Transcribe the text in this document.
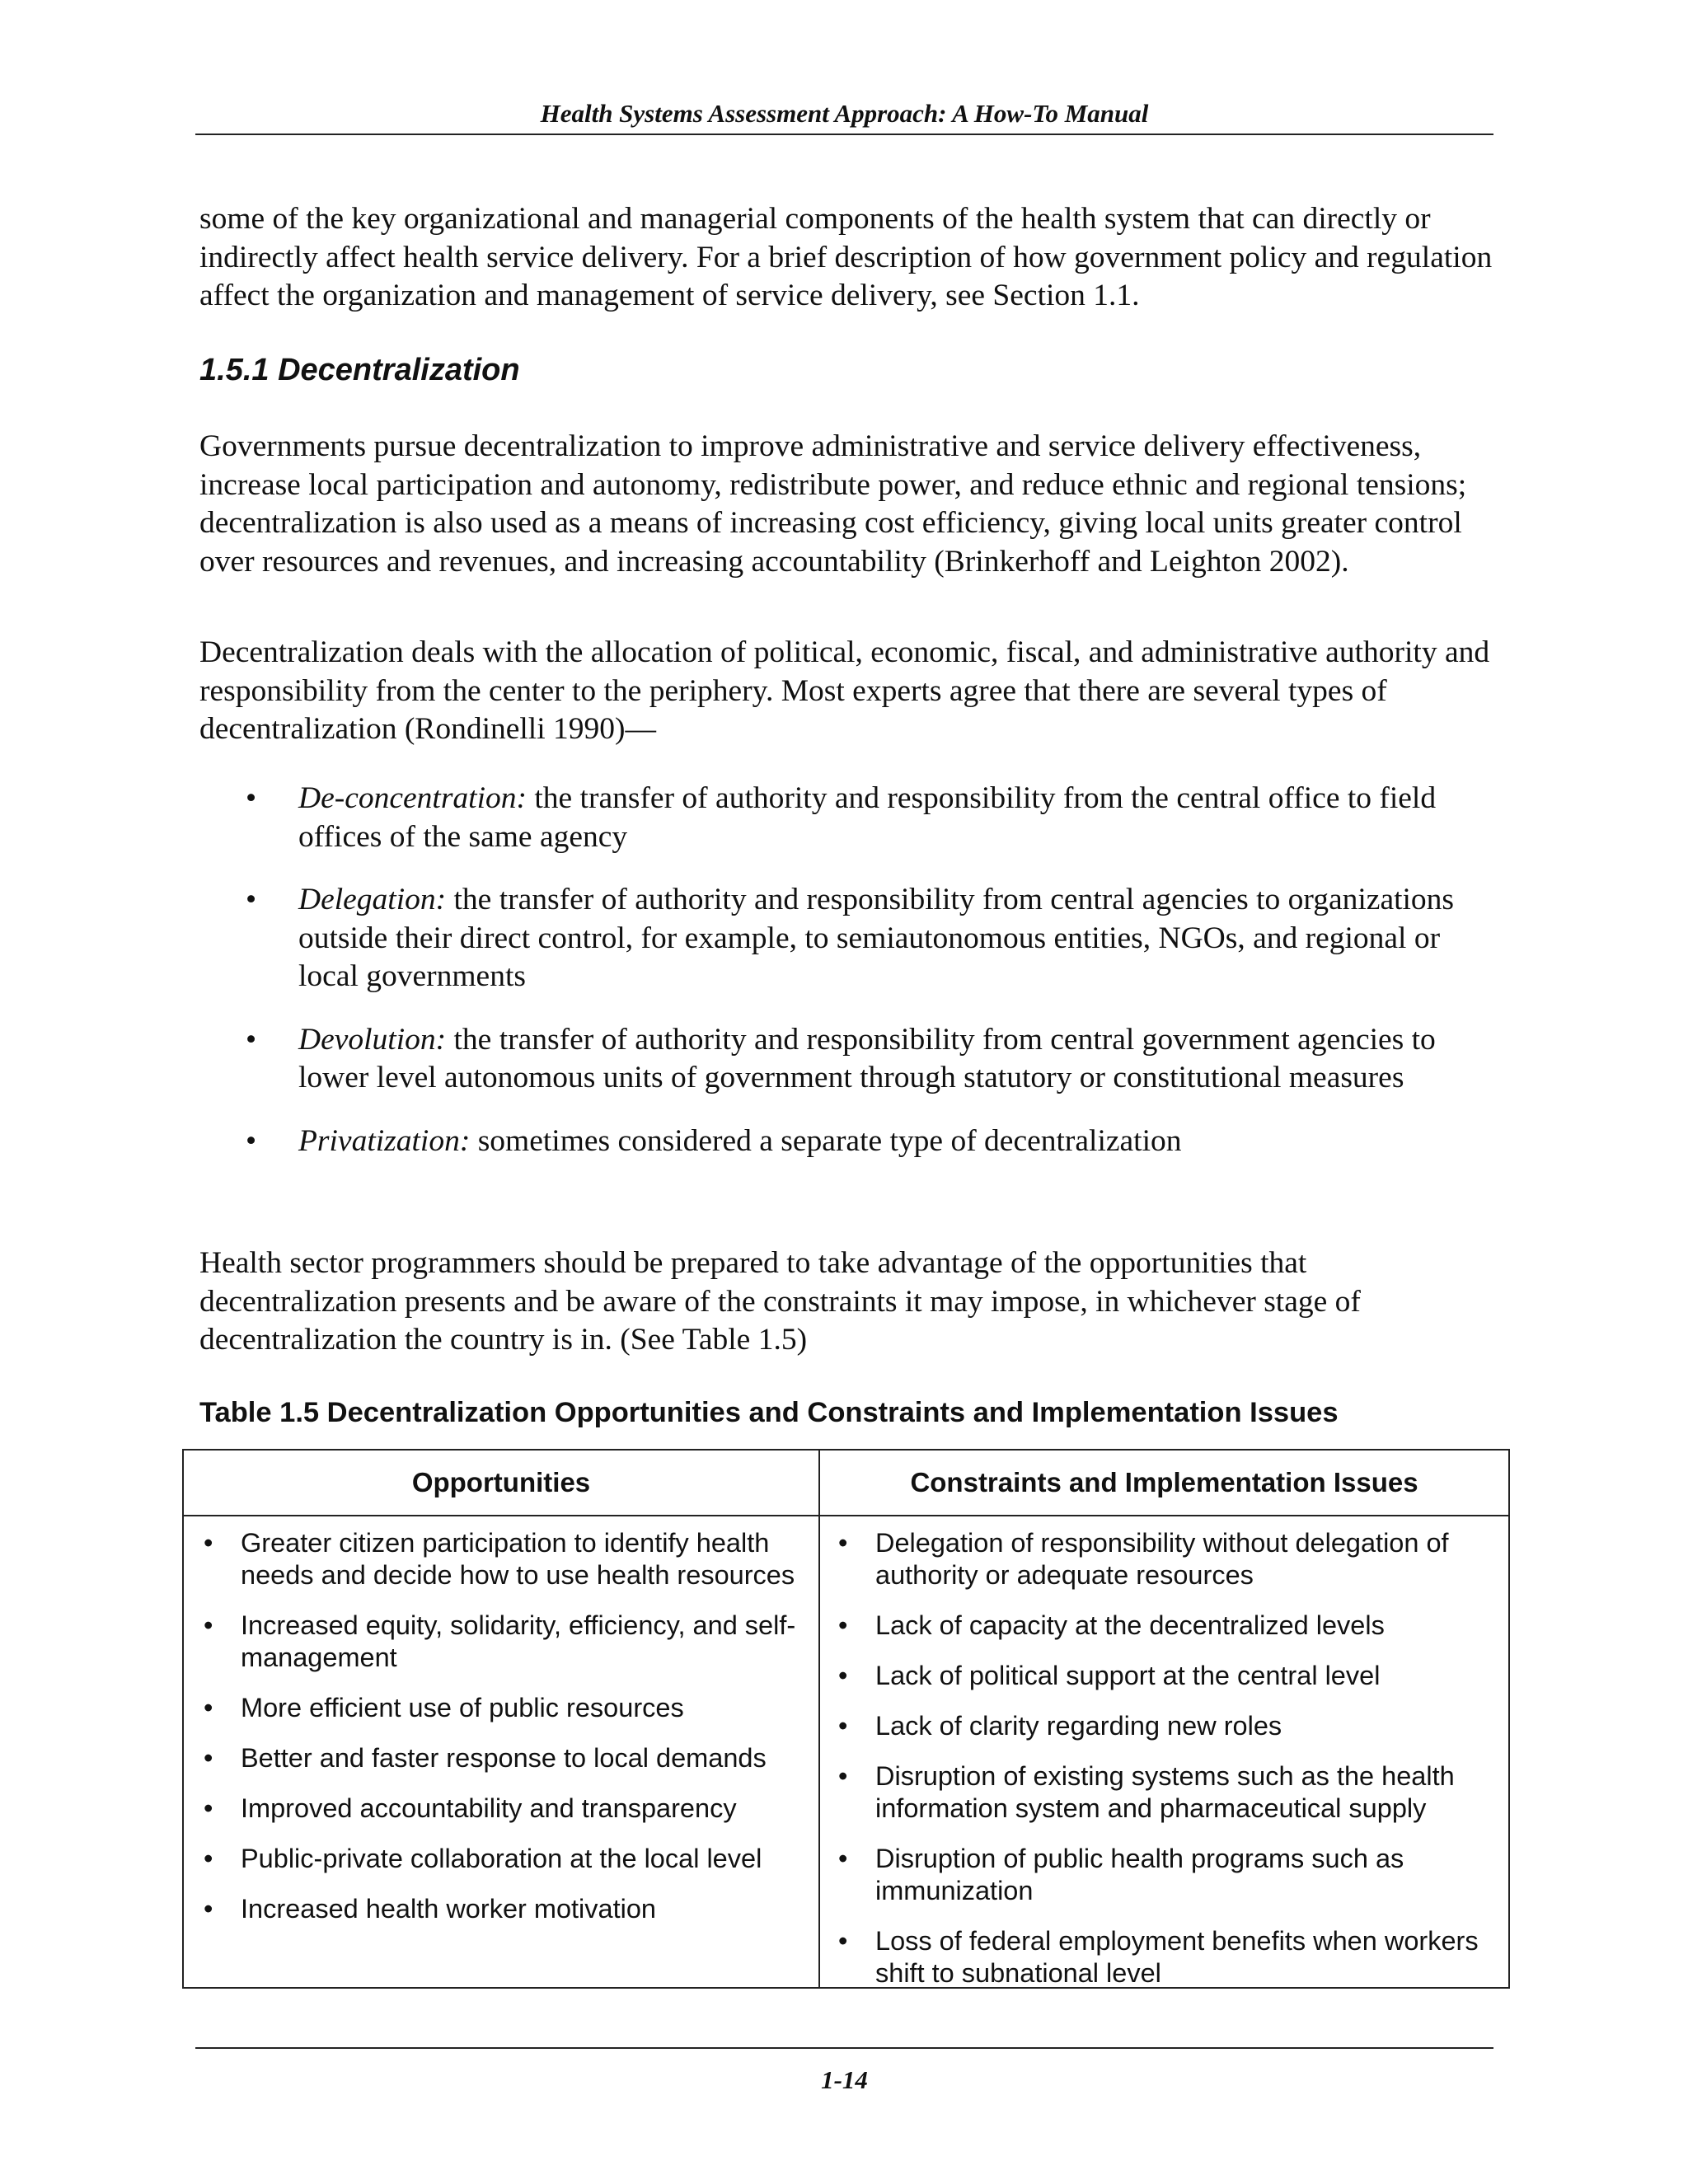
Health Systems Assessment Approach: A How-To Manual

some of the key organizational and managerial components of the health system that can directly or indirectly affect health service delivery. For a brief description of how government policy and regulation affect the organization and management of service delivery, see Section 1.1.

1.5.1 Decentralization

Governments pursue decentralization to improve administrative and service delivery effectiveness, increase local participation and autonomy, redistribute power, and reduce ethnic and regional tensions; decentralization is also used as a means of increasing cost efficiency, giving local units greater control over resources and revenues, and increasing accountability (Brinkerhoff and Leighton 2002).

Decentralization deals with the allocation of political, economic, fiscal, and administrative authority and responsibility from the center to the periphery. Most experts agree that there are several types of decentralization (Rondinelli 1990)—

• De-concentration: the transfer of authority and responsibility from the central office to field offices of the same agency
• Delegation: the transfer of authority and responsibility from central agencies to organizations outside their direct control, for example, to semiautonomous entities, NGOs, and regional or local governments
• Devolution: the transfer of authority and responsibility from central government agencies to lower level autonomous units of government through statutory or constitutional measures
• Privatization: sometimes considered a separate type of decentralization

Health sector programmers should be prepared to take advantage of the opportunities that decentralization presents and be aware of the constraints it may impose, in whichever stage of decentralization the country is in. (See Table 1.5)

Table 1.5 Decentralization Opportunities and Constraints and Implementation Issues
Opportunities	Constraints and Implementation Issues
• Greater citizen participation to identify health needs and decide how to use health resources
• Increased equity, solidarity, efficiency, and self-management
• More efficient use of public resources
• Better and faster response to local demands
• Improved accountability and transparency
• Public-private collaboration at the local level
• Increased health worker motivation
• Delegation of responsibility without delegation of authority or adequate resources
• Lack of capacity at the decentralized levels
• Lack of political support at the central level
• Lack of clarity regarding new roles
• Disruption of existing systems such as the health information system and pharmaceutical supply
• Disruption of public health programs such as immunization
• Loss of federal employment benefits when workers shift to subnational level
1-14
